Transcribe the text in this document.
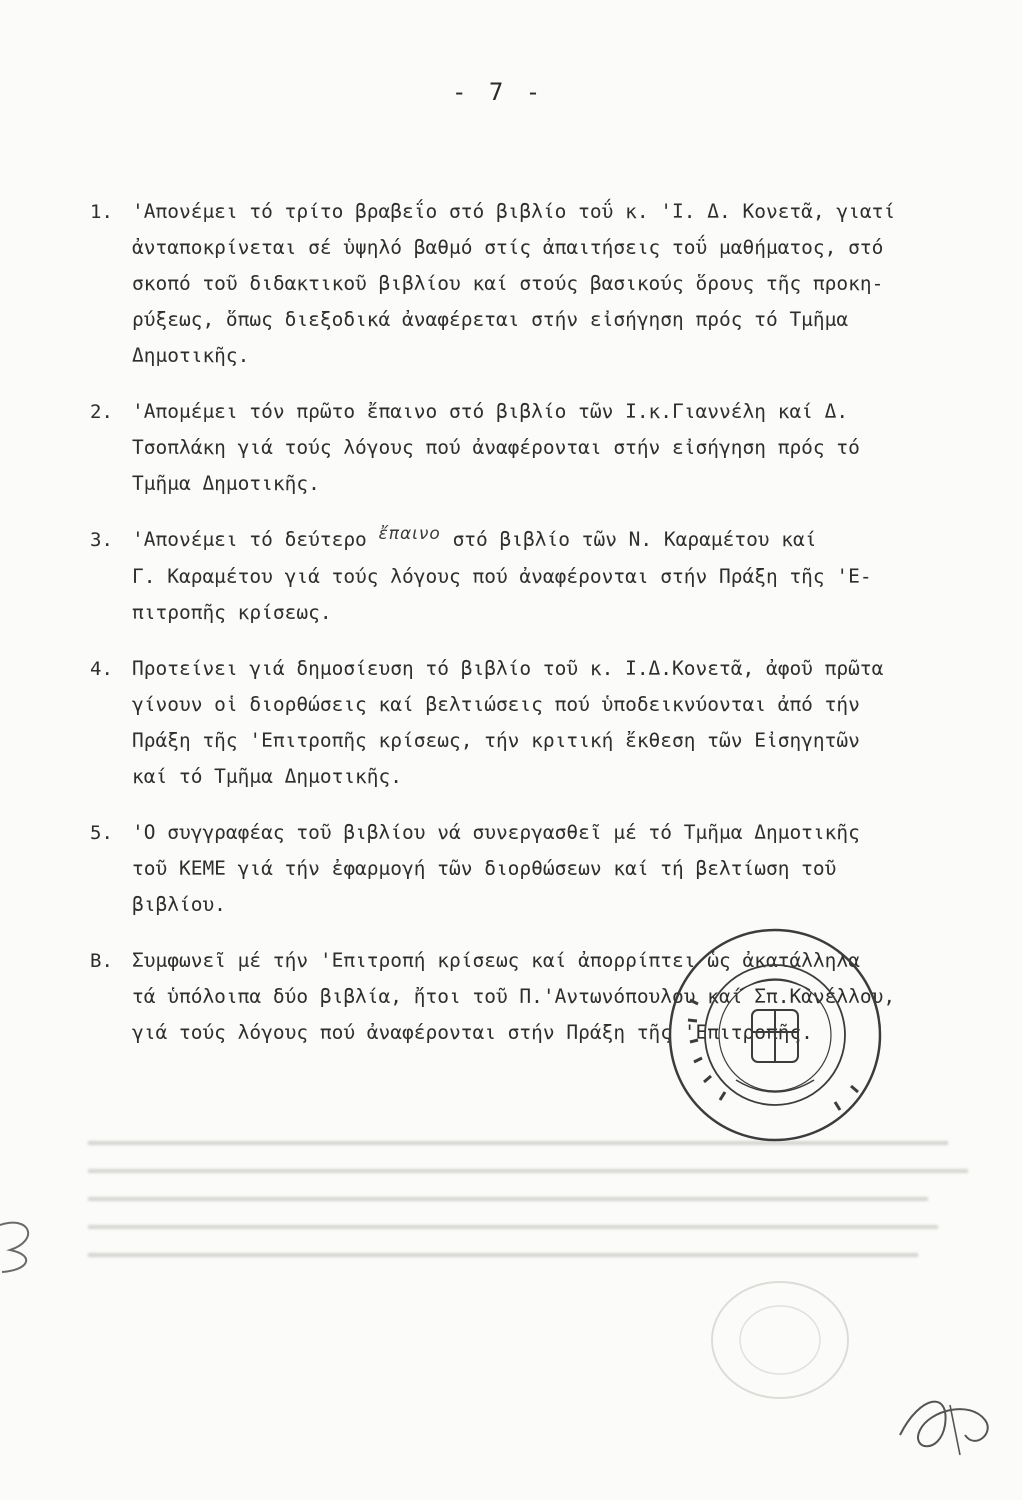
- 7 -
1. 'Απονέμει τό τρίτο βραβεΐο στό βιβλίο τοΰ κ. 'Ι. Δ. Κονετᾶ, γιατί
ἀνταποκρίνεται σέ ὑψηλό βαθμό στίς ἀπαιτήσεις τοΰ μαθήματος, στό
σκοπό τοῦ διδακτικοῦ βιβλίου καί στούς βασικούς ὅρους τῆς προκη-
ρύξεως, ὅπως διεξοδικά ἀναφέρεται στήν εἰσήγηση πρός τό Τμῆμα
Δημοτικῆς.
2. 'Απομέμει τόν πρῶτο ἔπαινο στό βιβλίο τῶν Ι.κ.Γιαννέλη καί Δ.
Τσοπλάκη γιά τούς λόγους πού ἀναφέρονται στήν εἰσήγηση πρός τό
Τμῆμα Δημοτικῆς.
3. 'Απονέμει τό δεύτερο ἔπαινο στό βιβλίο τῶν Ν. Καραμέτου καί
Γ. Καραμέτου γιά τούς λόγους πού ἀναφέρονται στήν Πράξη τῆς 'Ε-
πιτροπῆς κρίσεως.
4. Προτείνει γιά δημοσίευση τό βιβλίο τοῦ κ. Ι.Δ.Κονετᾶ, ἀφοῦ πρῶτα
γίνουν οἱ διορθώσεις καί βελτιώσεις πού ὑποδεικνύονται ἀπό τήν
Πράξη τῆς 'Επιτροπῆς κρίσεως, τήν κριτική ἔκθεση τῶν Εἰσηγητῶν
καί τό Τμῆμα Δημοτικῆς.
5. 'Ο συγγραφέας τοῦ βιβλίου νά συνεργασθεῖ μέ τό Τμῆμα Δημοτικῆς
τοῦ ΚΕΜΕ γιά τήν ἐφαρμογή τῶν διορθώσεων καί τή βελτίωση τοῦ
βιβλίου.
Β. Συμφωνεῖ μέ τήν 'Επιτροπή κρίσεως καί ἀπορρίπτει ὡς ἀκατάλληλα
τά ὑπόλοιπα δύο βιβλία, ἤτοι τοῦ Π.'Αντωνόπουλου καί Σπ.Κανέλλου,
γιά τούς λόγους πού ἀναφέρονται στήν Πράξη τῆς 'Επιτροπῆς.
